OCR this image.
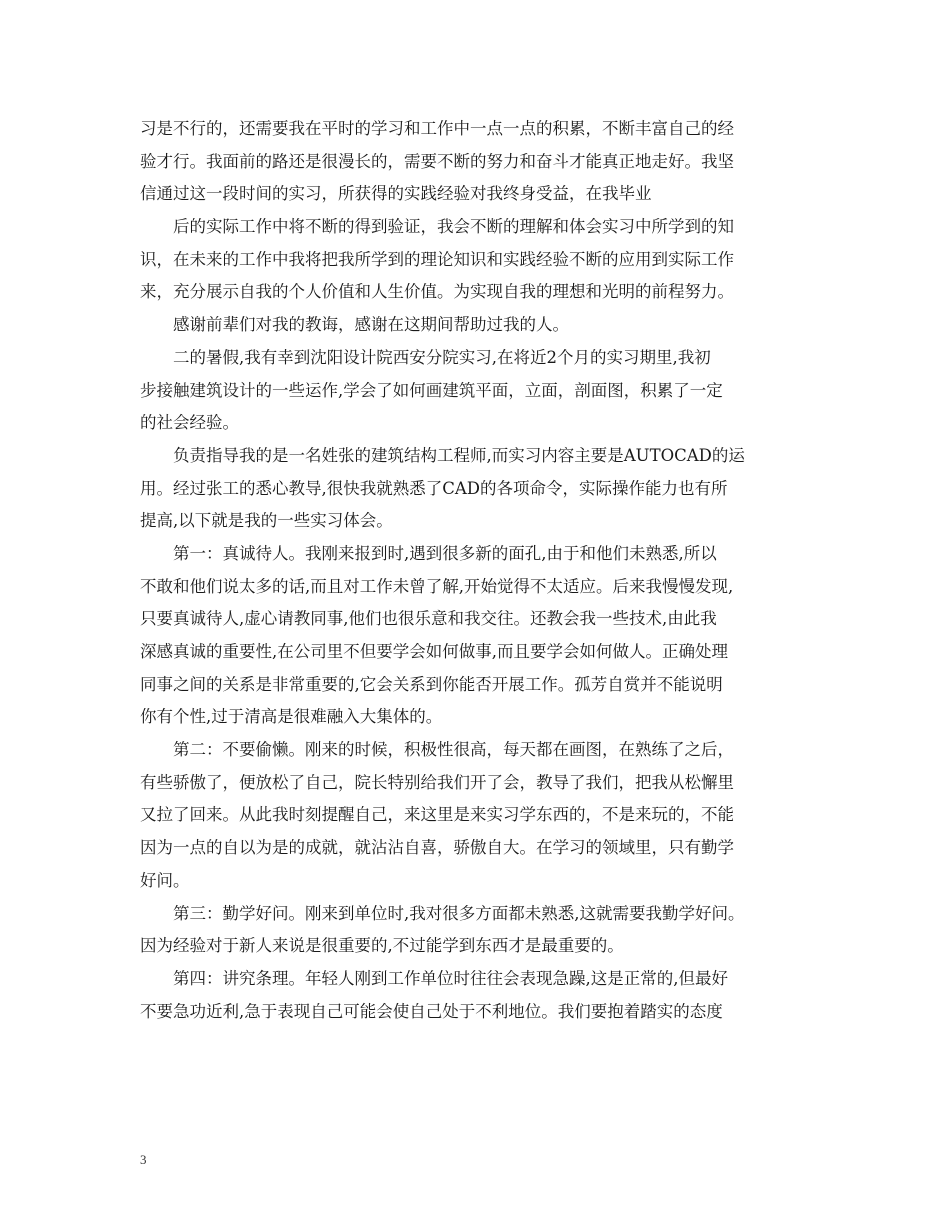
习是不行的，还需要我在平时的学习和工作中一点一点的积累，不断丰富自己的经
验才行。我面前的路还是很漫长的，需要不断的努力和奋斗才能真正地走好。我坚
信通过这一段时间的实习，所获得的实践经验对我终身受益，在我毕业
后的实际工作中将不断的得到验证，我会不断的理解和体会实习中所学到的知
识，在未来的工作中我将把我所学到的理论知识和实践经验不断的应用到实际工作
来，充分展示自我的个人价值和人生价值。为实现自我的理想和光明的前程努力。
感谢前辈们对我的教诲，感谢在这期间帮助过我的人。
二的暑假,我有幸到沈阳设计院西安分院实习,在将近2个月的实习期里,我初
步接触建筑设计的一些运作,学会了如何画建筑平面，立面，剖面图，积累了一定
的社会经验。
负责指导我的是一名姓张的建筑结构工程师,而实习内容主要是AUTOCAD的运
用。经过张工的悉心教导,很快我就熟悉了CAD的各项命令，实际操作能力也有所
提高,以下就是我的一些实习体会。
第一：真诚待人。我刚来报到时,遇到很多新的面孔,由于和他们未熟悉,所以
不敢和他们说太多的话,而且对工作未曾了解,开始觉得不太适应。后来我慢慢发现,
只要真诚待人,虚心请教同事,他们也很乐意和我交往。还教会我一些技术,由此我
深感真诚的重要性,在公司里不但要学会如何做事,而且要学会如何做人。正确处理
同事之间的关系是非常重要的,它会关系到你能否开展工作。孤芳自赏并不能说明
你有个性,过于清高是很难融入大集体的。
第二：不要偷懒。刚来的时候，积极性很高，每天都在画图，在熟练了之后，
有些骄傲了，便放松了自己，院长特别给我们开了会，教导了我们，把我从松懈里
又拉了回来。从此我时刻提醒自己，来这里是来实习学东西的，不是来玩的，不能
因为一点的自以为是的成就，就沾沾自喜，骄傲自大。在学习的领域里，只有勤学
好问。
第三：勤学好问。刚来到单位时,我对很多方面都未熟悉,这就需要我勤学好问。
因为经验对于新人来说是很重要的,不过能学到东西才是最重要的。
第四：讲究条理。年轻人刚到工作单位时往往会表现急躁,这是正常的,但最好
不要急功近利,急于表现自己可能会使自己处于不利地位。我们要抱着踏实的态度
3
